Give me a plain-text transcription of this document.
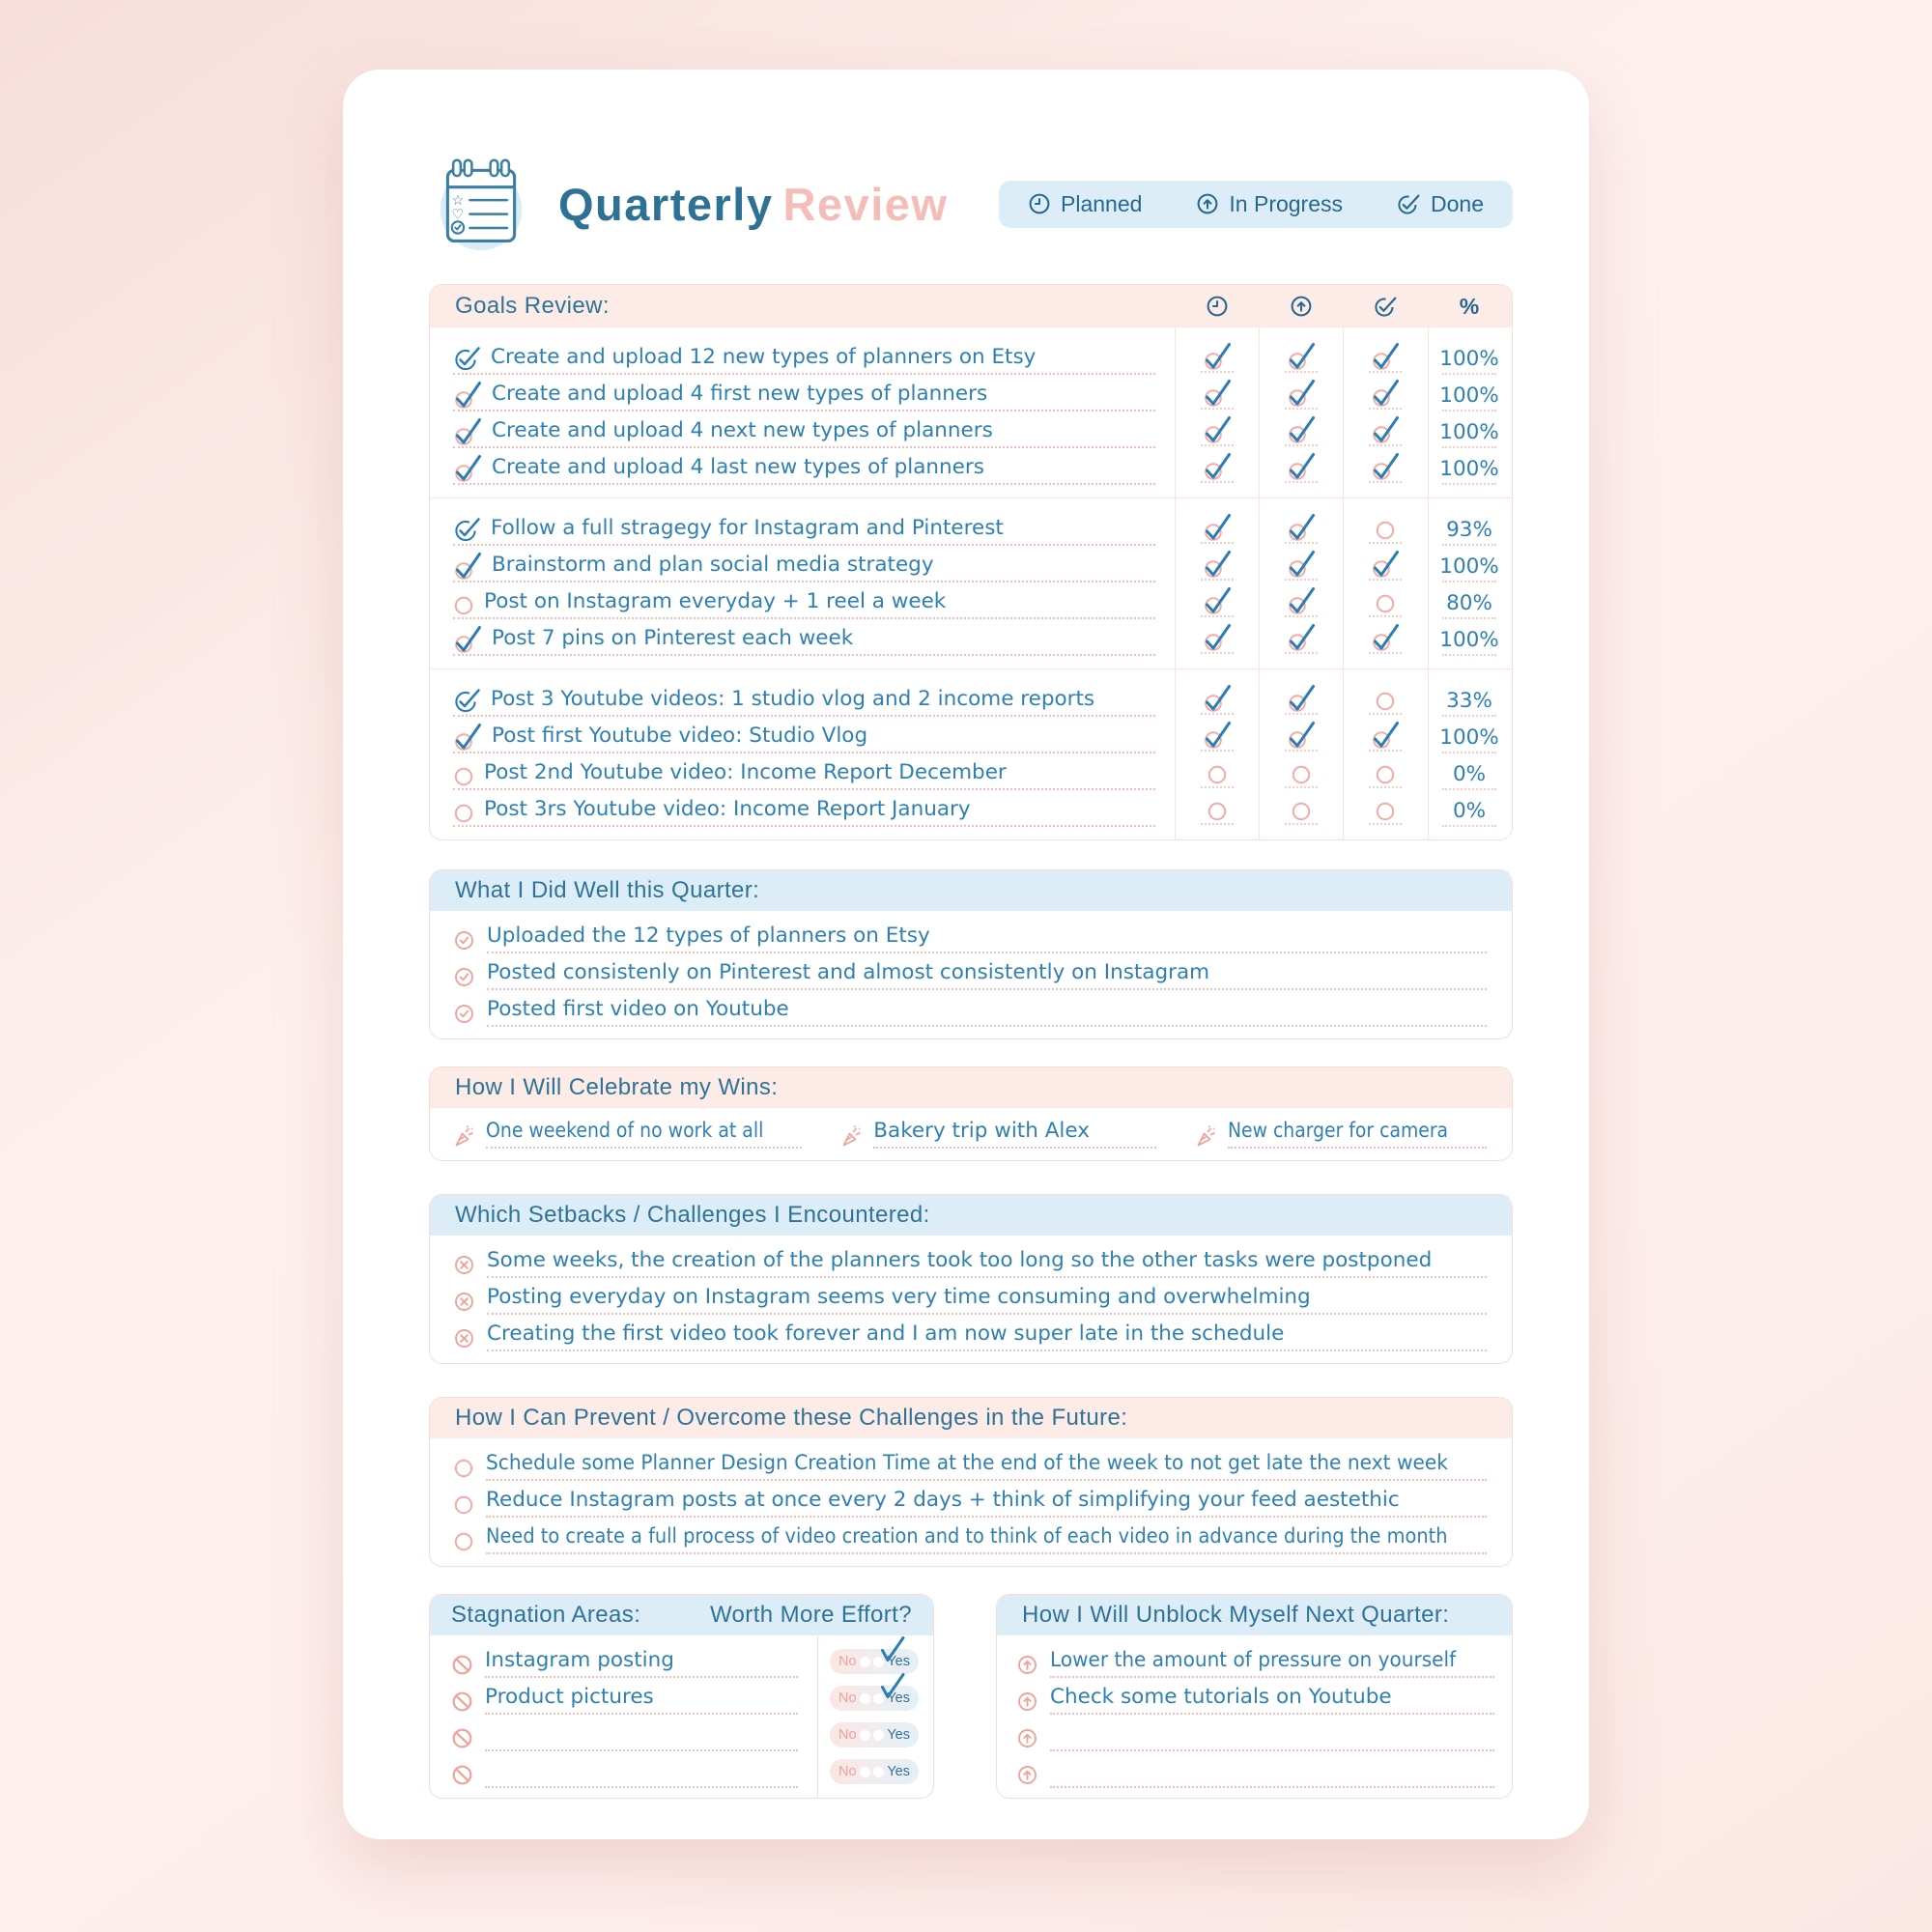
☆
♡ Quarterly Review	Planned	In Progress	Done
Goals Review:	%
Create and upload 12 new types of planners on Etsy	100%
Create and upload 4 first new types of planners	100%
Create and upload 4 next new types of planners	100%
Create and upload 4 last new types of planners	100%
Follow a full stragegy for Instagram and Pinterest	93%
Brainstorm and plan social media strategy	100%
Post on Instagram everyday + 1 reel a week	80%
Post 7 pins on Pinterest each week	100%
Post 3 Youtube videos: 1 studio vlog and 2 income reports	33%
Post first Youtube video: Studio Vlog	100%
Post 2nd Youtube video: Income Report December	0%
Post 3rs Youtube video: Income Report January	0%
What I Did Well this Quarter:
Uploaded the 12 types of planners on Etsy
Posted consistenly on Pinterest and almost consistently on Instagram
Posted first video on Youtube
How I Will Celebrate my Wins:
One weekend of no work at all	Bakery trip with Alex	New charger for camera
Which Setbacks / Challenges I Encountered:
Some weeks, the creation of the planners took too long so the other tasks were postponed
Posting everyday on Instagram seems very time consuming and overwhelming
Creating the first video took forever and I am now super late in the schedule
How I Can Prevent / Overcome these Challenges in the Future:
Schedule some Planner Design Creation Time at the end of the week to not get late the next week
Reduce Instagram posts at once every 2 days + think of simplifying your feed aestethic
Need to create a full process of video creation and to think of each video in advance during the month
Stagnation Areas:	Worth More Effort?
Instagram posting	No Yes
Product pictures	No Yes
No Yes
No Yes
How I Will Unblock Myself Next Quarter:
Lower the amount of pressure on yourself
Check some tutorials on Youtube
